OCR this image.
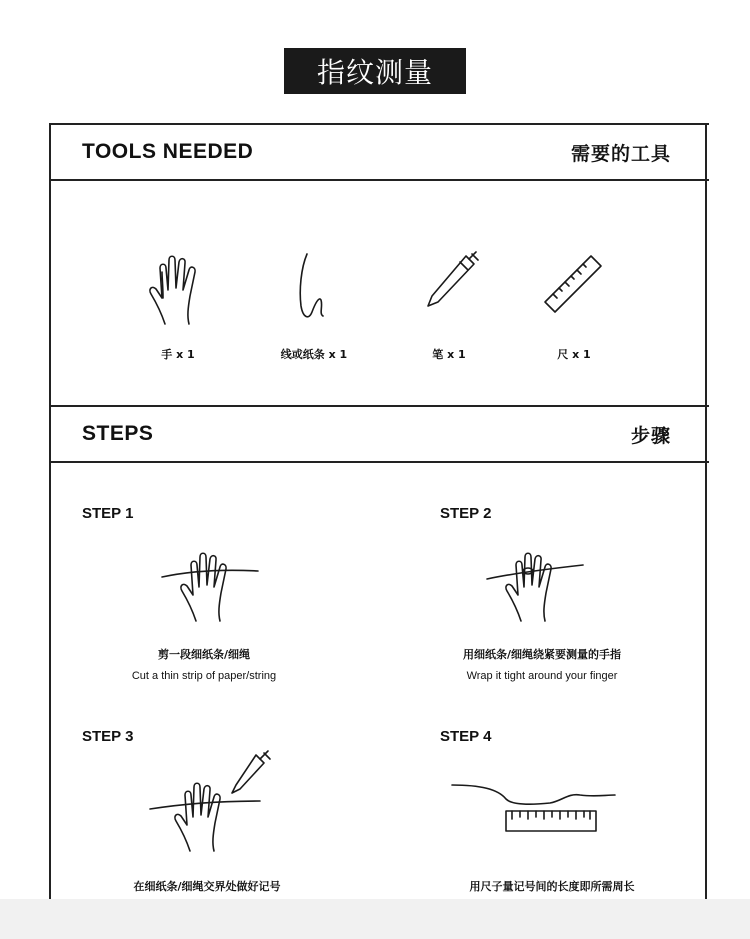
指纹测量
TOOLS NEEDED	需要的工具
手 x 1	线或纸条 x 1	笔 x 1	尺 x 1
STEPS	步骤
STEP 1
剪一段细纸条/细绳
Cut a thin strip of paper/string
STEP 2
用细纸条/细绳绕紧要测量的手指
Wrap it tight around your finger
STEP 3
在细纸条/细绳交界处做好记号
STEP 4
用尺子量记号间的长度即所需周长
